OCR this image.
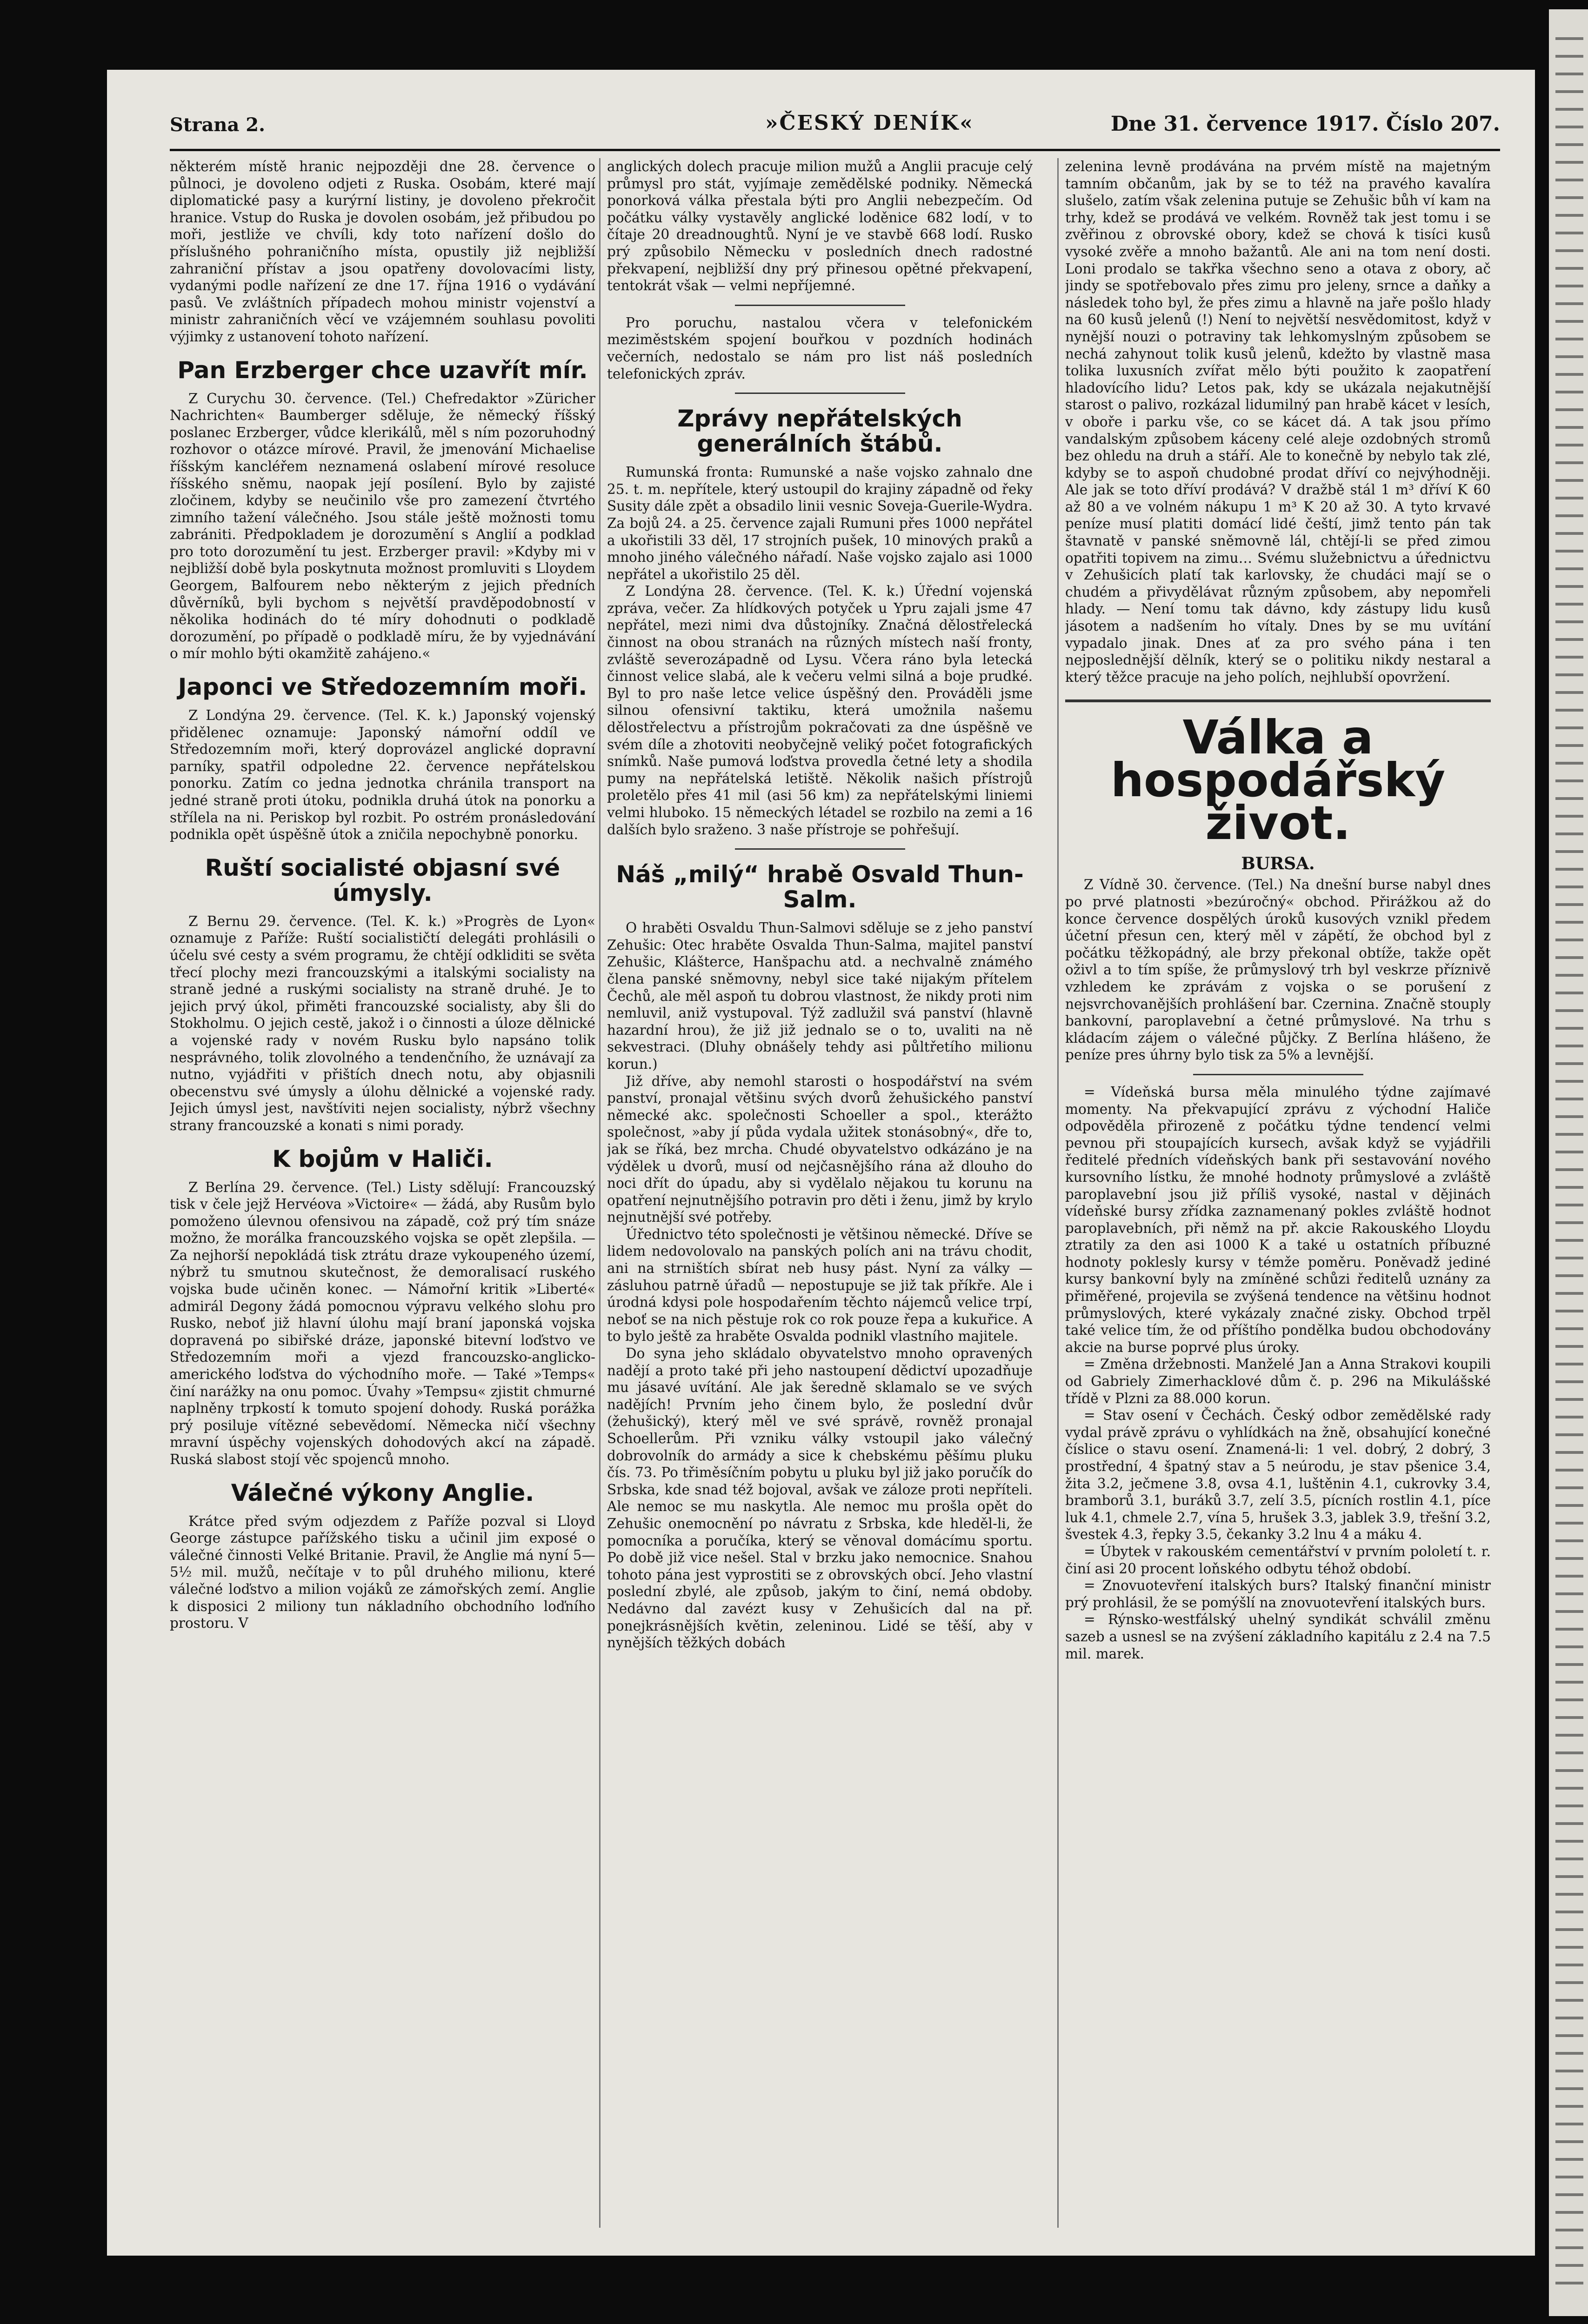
Strana 2.	»ČESKÝ DENÍK«	Dne 31. července 1917. Číslo 207.

některém místě hranic nejpozději dne 28. července o půlnoci, je dovoleno odjeti z Ruska. Osobám, které mají diplomatické pasy a kurýrní listiny, je dovoleno překročit hranice. Vstup do Ruska je dovolen osobám, jež přibudou po moři, jestliže ve chvíli, kdy toto nařízení došlo do příslušného pohraničního místa, opustily již nejbližší zahraniční přístav a jsou opatřeny dovolovacími listy, vydanými podle nařízení ze dne 17. října 1916 o vydávání pasů. Ve zvláštních případech mohou ministr vojenství a ministr zahraničních věcí ve vzájemném souhlasu povoliti výjimky z ustanovení tohoto nařízení.

Pan Erzberger chce uzavřít mír.

Z Curychu 30. července. (Tel.) Chefredaktor »Züricher Nachrichten« Baumberger sděluje, že německý říšský poslanec Erzberger, vůdce klerikálů, měl s ním pozoruhodný rozhovor o otázce mírové. Pravil, že jmenování Michaelise říšským kancléřem neznamená oslabení mírové resoluce říšského sněmu, naopak její posílení. Bylo by zajisté zločinem, kdyby se neučinilo vše pro zamezení čtvrtého zimního tažení válečného. Jsou stále ještě možnosti tomu zabrániti. Předpokladem je dorozumění s Anglií a podklad pro toto dorozumění tu jest. Erzberger pravil: »Kdyby mi v nejbližší době byla poskytnuta možnost promluviti s Lloydem Georgem, Balfourem nebo některým z jejich předních důvěrníků, byli bychom s největší pravděpodobností v několika hodinách do té míry dohodnuti o podkladě dorozumění, po případě o podkladě míru, že by vyjednávání o mír mohlo býti okamžitě zahájeno.«

Japonci ve Středozemním moři.

Z Londýna 29. července. (Tel. K. k.) Japonský vojenský přidělenec oznamuje: Japonský námořní oddíl ve Středozemním moři, který doprovázel anglické dopravní parníky, spatřil odpoledne 22. července nepřátelskou ponorku. Zatím co jedna jednotka chránila transport na jedné straně proti útoku, podnikla druhá útok na ponorku a střílela na ni. Periskop byl rozbit. Po ostrém pronásledování podnikla opět úspěšně útok a zničila nepochybně ponorku.

Ruští socialisté objasní své úmysly.

Z Bernu 29. července. (Tel. K. k.) »Progrès de Lyon« oznamuje z Paříže: Ruští socialističtí delegáti prohlásili o účelu své cesty a svém programu, že chtějí odkliditi se světa třecí plochy mezi francouzskými a italskými socialisty na straně jedné a ruskými socialisty na straně druhé. Je to jejich prvý úkol, přiměti francouzské socialisty, aby šli do Stokholmu. O jejich cestě, jakož i o činnosti a úloze dělnické a vojenské rady v novém Rusku bylo napsáno tolik nesprávného, tolik zlovolného a tendenčního, že uznávají za nutno, vyjádřiti v přištích dnech notu, aby objasnili obecenstvu své úmysly a úlohu dělnické a vojenské rady. Jejich úmysl jest, navštíviti nejen socialisty, nýbrž všechny strany francouzské a konati s nimi porady.

K bojům v Haliči.

Z Berlína 29. července. (Tel.) Listy sdělují: Francouzský tisk v čele jejž Hervéova »Victoire« — žádá, aby Rusům bylo pomoženo úlevnou ofensivou na západě, což prý tím snáze možno, že morálka francouzského vojska se opět zlepšila. — Za nejhorší nepokládá tisk ztrátu draze vykoupeného území, nýbrž tu smutnou skutečnost, že demoralisací ruského vojska bude učiněn konec. — Námořní kritik »Liberté« admirál Degony žádá pomocnou výpravu velkého slohu pro Rusko, neboť již hlavní úlohu mají braní japonská vojska dopravená po sibiřské dráze, japonské bitevní loďstvo ve Středozemním moři a vjezd francouzsko-anglicko-amerického loďstva do východního moře. — Také »Temps« činí narážky na onu pomoc. Úvahy »Tempsu« zjistit chmurné naplněny trpkostí k tomuto spojení dohody. Ruská porážka prý posiluje vítězné sebevědomí. Německa ničí všechny mravní úspěchy vojenských dohodových akcí na západě. Ruská slabost stojí věc spojenců mnoho.

Válečné výkony Anglie.

Krátce před svým odjezdem z Paříže pozval si Lloyd George zástupce pařížského tisku a učinil jim exposé o válečné činnosti Velké Britanie. Pravil, že Anglie má nyní 5—5½ mil. mužů, nečítaje v to půl druhého milionu, které válečné loďstvo a milion vojáků ze zámořských zemí. Anglie k disposici 2 miliony tun nákladního obchodního loďního prostoru. V

anglických dolech pracuje milion mužů a Anglii pracuje celý průmysl pro stát, vyjímaje zemědělské podniky. Německá ponorková válka přestala býti pro Anglii nebezpečím. Od počátku války vystavěly anglické loděnice 682 lodí, v to čítaje 20 dreadnoughtů. Nyní je ve stavbě 668 lodí. Rusko prý způsobilo Německu v posledních dnech radostné překvapení, nejbližší dny prý přinesou opětné překvapení, tentokrát však — velmi nepříjemné.

Pro poruchu, nastalou včera v telefonickém meziměstském spojení bouřkou v pozdních hodinách večerních, nedostalo se nám pro list náš posledních telefonických zpráv.

Zprávy nepřátelských generálních štábů.

Rumunská fronta: Rumunské a naše vojsko zahnalo dne 25. t. m. nepřítele, který ustoupil do krajiny západně od řeky Susity dále zpět a obsadilo linii vesnic Soveja-Guerile-Wydra. Za bojů 24. a 25. července zajali Rumuni přes 1000 nepřátel a ukořistili 33 děl, 17 strojních pušek, 10 minových praků a mnoho jiného válečného nářadí. Naše vojsko zajalo asi 1000 nepřátel a ukořistilo 25 děl.

Z Londýna 28. července. (Tel. K. k.) Úřední vojenská zpráva, večer. Za hlídkových potyček u Ypru zajali jsme 47 nepřátel, mezi nimi dva důstojníky. Značná dělostřelecká činnost na obou stranách na různých místech naší fronty, zvláště severozápadně od Lysu. Včera ráno byla letecká činnost velice slabá, ale k večeru velmi silná a boje prudké. Byl to pro naše letce velice úspěšný den. Prováděli jsme silnou ofensivní taktiku, která umožnila našemu dělostřelectvu a přístrojům pokračovati za dne úspěšně ve svém díle a zhotoviti neobyčejně veliký počet fotografických snímků. Naše pumová loďstva provedla četné lety a shodila pumy na nepřátelská letiště. Několik našich přístrojů proletělo přes 41 mil (asi 56 km) za nepřátelskými liniemi velmi hluboko. 15 německých létadel se rozbilo na zemi a 16 dalších bylo sraženo. 3 naše přístroje se pohřešují.

Náš „milý“ hrabě Osvald Thun-Salm.

O hraběti Osvaldu Thun-Salmovi sděluje se z jeho panství Zehušic: Otec hraběte Osvalda Thun-Salma, majitel panství Zehušic, Klášterce, Hanšpachu atd. a nechvalně známého člena panské sněmovny, nebyl sice také nijakým přítelem Čechů, ale měl aspoň tu dobrou vlastnost, že nikdy proti nim nemluvil, aniž vystupoval. Týž zadlužil svá panství (hlavně hazardní hrou), že již již jednalo se o to, uvaliti na ně sekvestraci. (Dluhy obnášely tehdy asi půltřetího milionu korun.)

Již dříve, aby nemohl starosti o hospodářství na svém panství, pronajal většinu svých dvorů žehušického panství německé akc. společnosti Schoeller a spol., kterážto společnost, »aby jí půda vydala užitek stonásobný«, dře to, jak se říká, bez mrcha. Chudé obyvatelstvo odkázáno je na výdělek u dvorů, musí od nejčasnějšího rána až dlouho do noci dřít do úpadu, aby si vydělalo nějakou tu korunu na opatření nejnutnějšího potravin pro děti i ženu, jimž by krylo nejnutnější své potřeby.

Úřednictvo této společnosti je většinou německé. Dříve se lidem nedovolovalo na panských polích ani na trávu chodit, ani na strništích sbírat neb husy pást. Nyní za války — zásluhou patrně úřadů — nepostupuje se již tak příkře. Ale i úrodná kdysi pole hospodařením těchto nájemců velice trpí, neboť se na nich pěstuje rok co rok pouze řepa a kukuřice. A to bylo ještě za hraběte Osvalda podnikl vlastního majitele.

Do syna jeho skládalo obyvatelstvo mnoho opravených nadějí a proto také při jeho nastoupení dědictví upozadňuje mu jásavé uvítání. Ale jak šeredně sklamalo se ve svých nadějích! Prvním jeho činem bylo, že poslední dvůr (žehušický), který měl ve své správě, rovněž pronajal Schoellerům. Při vzniku války vstoupil jako válečný dobrovolník do armády a sice k chebskému pěšímu pluku čís. 73. Po třiměsíčním pobytu u pluku byl již jako poručík do Srbska, kde snad též bojoval, avšak ve záloze proti nepříteli. Ale nemoc se mu naskytla. Ale nemoc mu prošla opět do Zehušic onemocnění po návratu z Srbska, kde hleděl-li, že pomocníka a poručíka, který se věnoval domácímu sportu. Po době již vice nešel. Stal v brzku jako nemocnice. Snahou tohoto pána jest vyprostiti se z obrovských obcí. Jeho vlastní poslední zbylé, ale způsob, jakým to činí, nemá obdoby. Nedávno dal zavézt kusy v Zehušicích dal na př. ponejkrásnějších květin, zeleninou. Lidé se těší, aby v nynějších těžkých dobách

zelenina levně prodávána na prvém místě na majetným tamním občanům, jak by se to též na pravého kavalíra slušelo, zatím však zelenina putuje se Zehušic bůh ví kam na trhy, kdež se prodává ve velkém. Rovněž tak jest tomu i se zvěřinou z obrovské obory, kdež se chová k tisíci kusů vysoké zvěře a mnoho bažantů. Ale ani na tom není dosti. Loni prodalo se takřka všechno seno a otava z obory, ač jindy se spotřebovalo přes zimu pro jeleny, srnce a daňky a následek toho byl, že přes zimu a hlavně na jaře pošlo hlady na 60 kusů jelenů (!) Není to největší nesvědomitost, když v nynější nouzi o potraviny tak lehkomyslným způsobem se nechá zahynout tolik kusů jelenů, kdežto by vlastně masa tolika luxusních zvířat mělo býti použito k zaopatření hladovícího lidu? Letos pak, kdy se ukázala nejakutnější starost o palivo, rozkázal lidumilný pan hrabě kácet v lesích, v oboře i parku vše, co se kácet dá. A tak jsou přímo vandalským způsobem káceny celé aleje ozdobných stromů bez ohledu na druh a stáří. Ale to konečně by nebylo tak zlé, kdyby se to aspoň chudobné prodat dříví co nejvýhodněji. Ale jak se toto dříví prodává? V dražbě stál 1 m³ dříví K 60 až 80 a ve volném nákupu 1 m³ K 20 až 30. A tyto krvavé peníze musí platiti domácí lidé čeští, jimž tento pán tak štavnatě v panské sněmovně lál, chtějí-li se před zimou opatřiti topivem na zimu… Svému služebnictvu a úřednictvu v Zehušicích platí tak karlovsky, že chudáci mají se o chudém a přivydělávat různým způsobem, aby nepomřeli hlady. — Není tomu tak dávno, kdy zástupy lidu kusů jásotem a nadšením ho vítaly. Dnes by se mu uvítání vypadalo jinak. Dnes ať za pro svého pána i ten nejposlednější dělník, který se o politiku nikdy nestaral a který těžce pracuje na jeho polích, nejhlubší opovržení.

Válka a hospodářský život.
BURSA.

Z Vídně 30. července. (Tel.) Na dnešní burse nabyl dnes po prvé platnosti »bezúročný« obchod. Přirážkou až do konce července dospělých úroků kusových vznikl předem účetní přesun cen, který měl v zápětí, že obchod byl z počátku těžkopádný, ale brzy překonal obtíže, takže opět oživl a to tím spíše, že průmyslový trh byl veskrze příznivě vzhledem ke zprávám z vojska o se porušení z nejsvrchovanějších prohlášení bar. Czernina. Značně stouply bankovní, paroplavební a četné průmyslové. Na trhu s kládacím zájem o válečné půjčky. Z Berlína hlášeno, že peníze pres úhrny bylo tisk za 5% a levnější.

= Vídeňská bursa měla minulého týdne zajímavé momenty. Na překvapující zprávu z východní Haliče odpověděla přirozeně z počátku týdne tendencí velmi pevnou při stoupajících kursech, avšak když se vyjádřili ředitelé předních vídeňských bank při sestavování nového kursovního lístku, že mnohé hodnoty průmyslové a zvláště paroplavební jsou již příliš vysoké, nastal v dějinách vídeňské bursy zřídka zaznamenaný pokles zvláště hodnot paroplavebních, při němž na př. akcie Rakouského Lloydu ztratily za den asi 1000 K a také u ostatních příbuzné hodnoty poklesly kursy v témže poměru. Poněvadž jediné kursy bankovní byly na zmíněné schůzi ředitelů uznány za přiměřené, projevila se zvýšená tendence na většinu hodnot průmyslových, které vykázaly značné zisky. Obchod trpěl také velice tím, že od příštího pondělka budou obchodovány akcie na burse poprvé plus úroky.

= Změna držebnosti. Manželé Jan a Anna Strakovi koupili od Gabriely Zimerhacklové dům č. p. 296 na Mikulášské třídě v Plzni za 88.000 korun.

= Stav osení v Čechách. Český odbor zemědělské rady vydal právě zprávu o vyhlídkách na žně, obsahující konečné číslice o stavu osení. Znamená-li: 1 vel. dobrý, 2 dobrý, 3 prostřední, 4 špatný stav a 5 neúrodu, je stav pšenice 3.4, žita 3.2, ječmene 3.8, ovsa 4.1, luštěnin 4.1, cukrovky 3.4, bramborů 3.1, buráků 3.7, zelí 3.5, pícních rostlin 4.1, píce luk 4.1, chmele 2.7, vína 5, hrušek 3.3, jablek 3.9, třešní 3.2, švestek 4.3, řepky 3.5, čekanky 3.2 lnu 4 a máku 4.

= Úbytek v rakouském cementářství v prvním pololetí t. r. činí asi 20 procent loňského odbytu téhož období.

= Znovuotevření italských burs? Italský finanční ministr prý prohlásil, že se pomýšlí na znovuotevření italských burs.

= Rýnsko-westfálský uhelný syndikát schválil změnu sazeb a usnesl se na zvýšení základního kapitálu z 2.4 na 7.5 mil. marek.
